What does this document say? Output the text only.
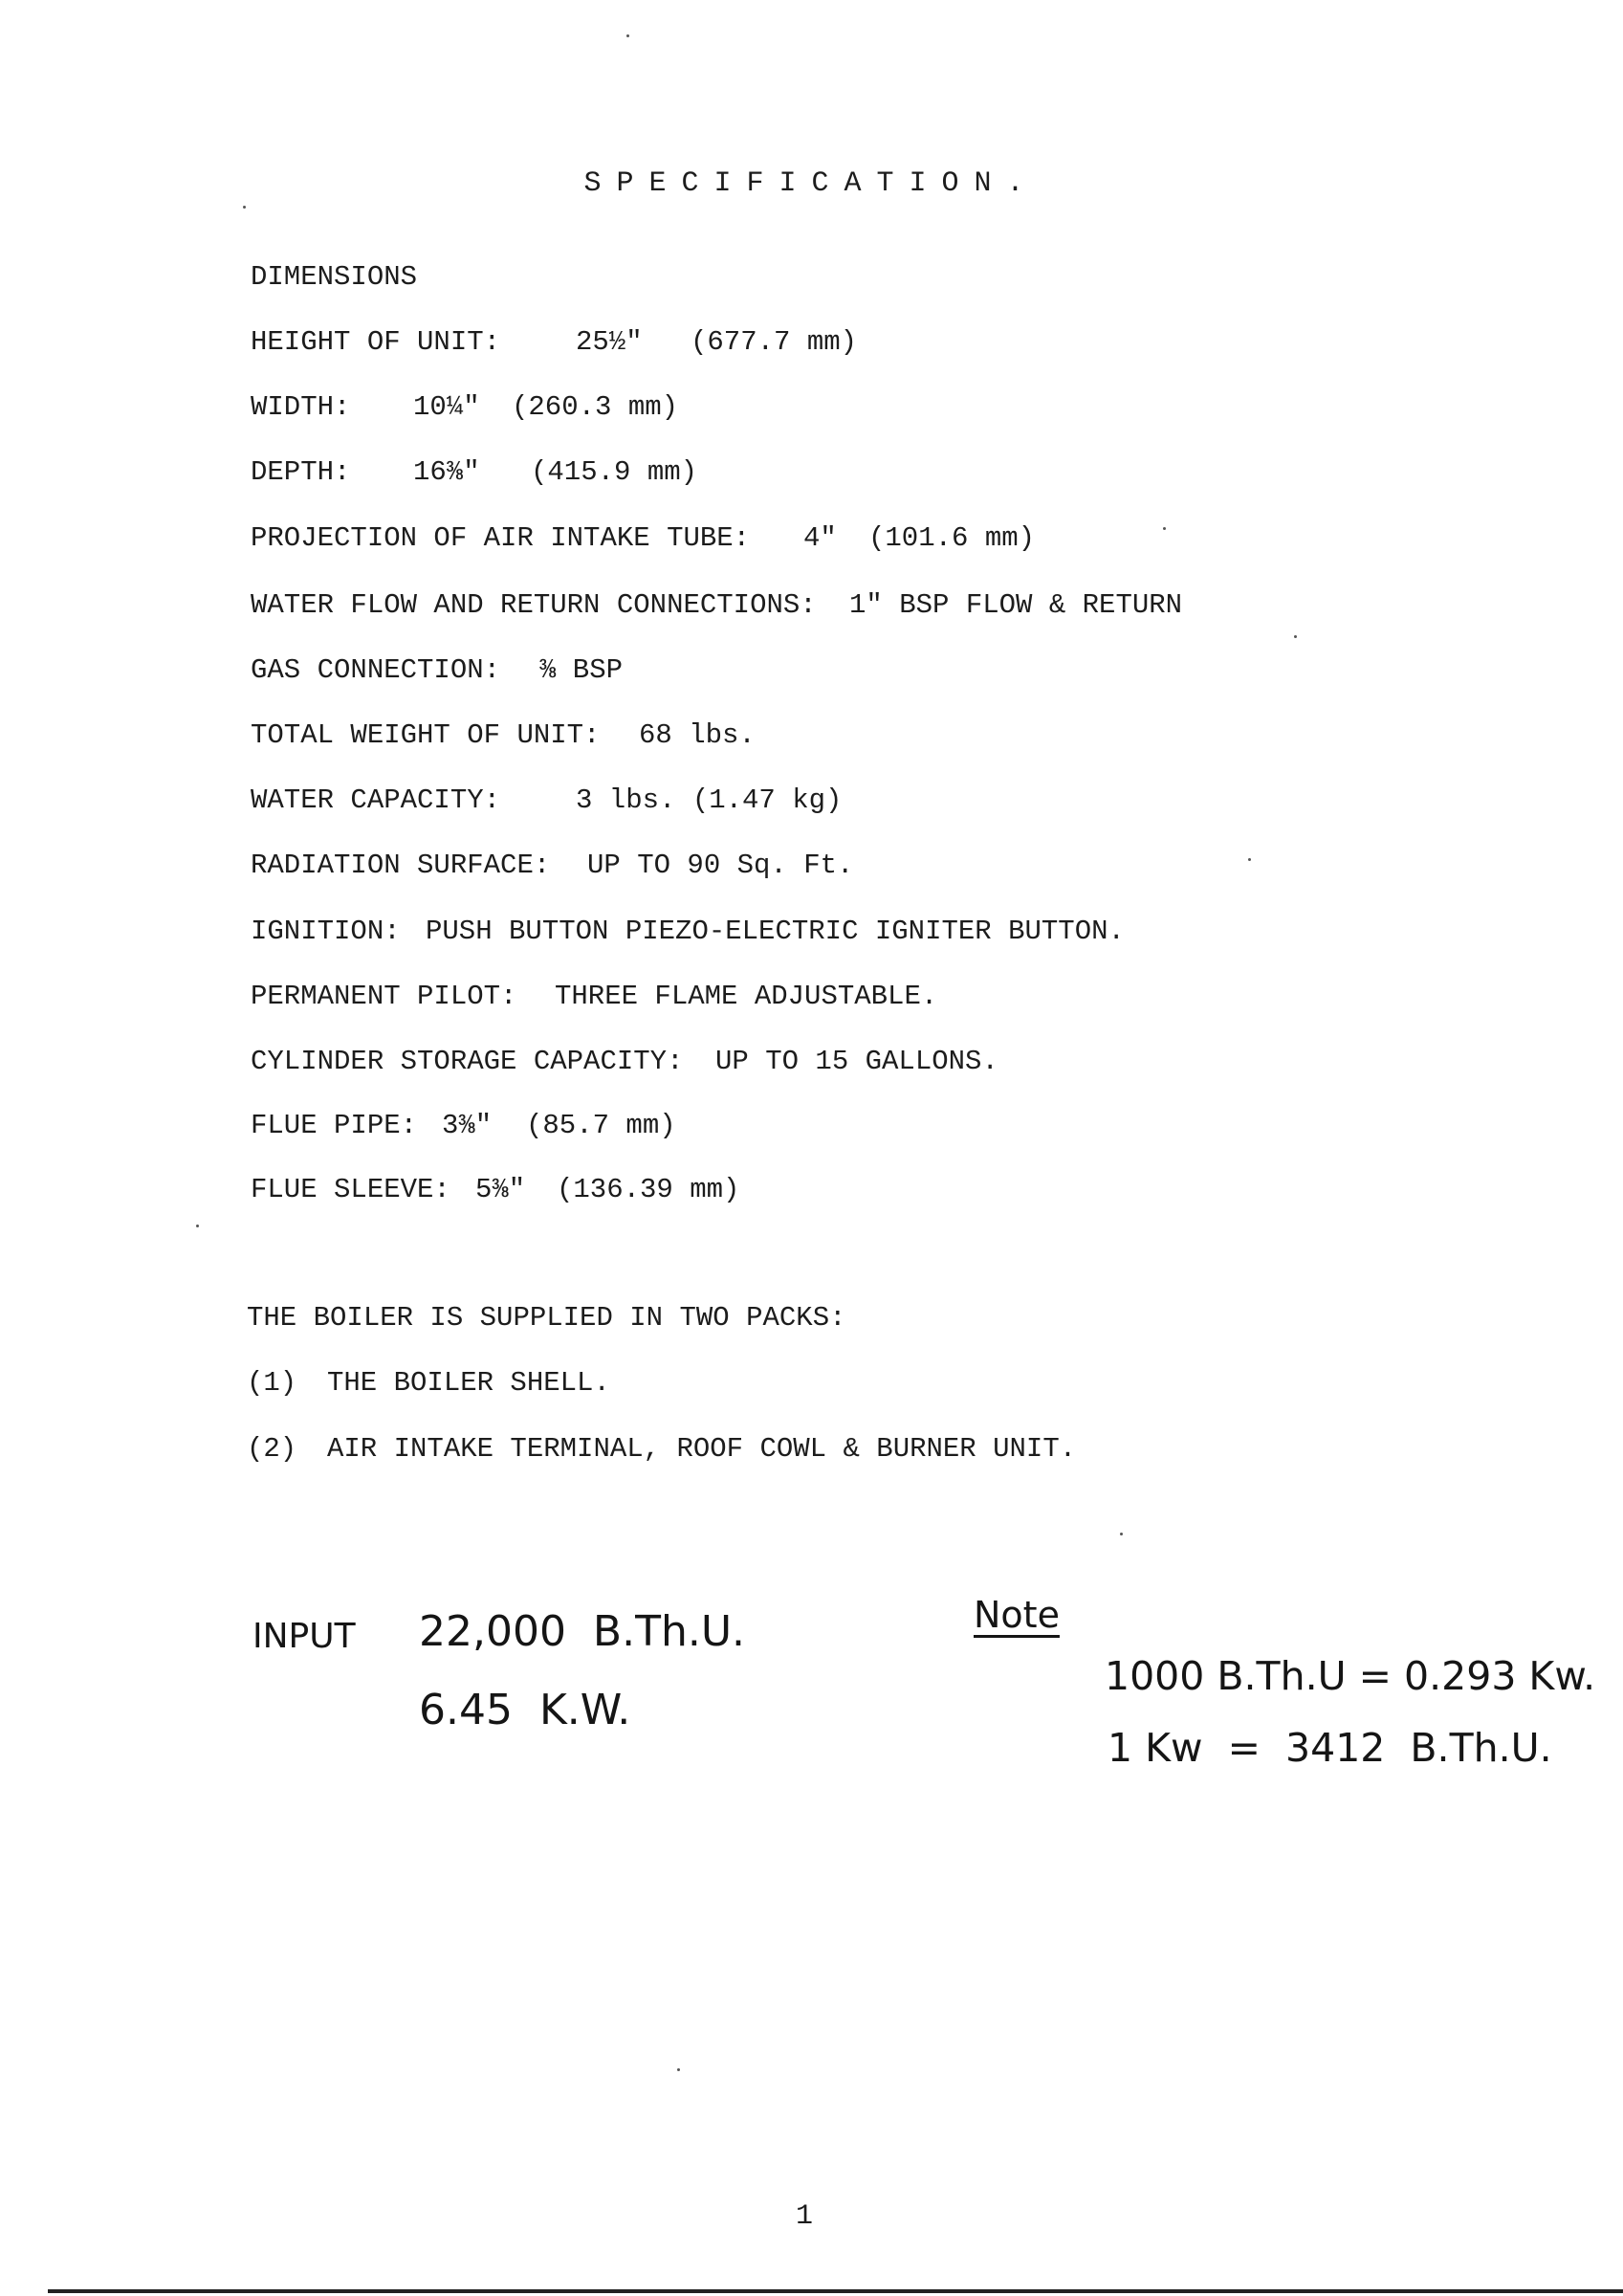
SPECIFICATION.
DIMENSIONS
HEIGHT OF UNIT:	25½" (677.7 mm)
WIDTH: 10¼" (260.3 mm)
DEPTH: 16⅜" (415.9 mm)
PROJECTION OF AIR INTAKE TUBE: 4" (101.6 mm)
WATER FLOW AND RETURN CONNECTIONS: 1" BSP FLOW & RETURN
GAS CONNECTION: ⅜ BSP
TOTAL WEIGHT OF UNIT: 68 lbs.
WATER CAPACITY:	3 lbs. (1.47 kg)
RADIATION SURFACE: UP TO 90 Sq. Ft.
IGNITION: PUSH BUTTON PIEZO-ELECTRIC IGNITER BUTTON.
PERMANENT PILOT: THREE FLAME ADJUSTABLE.
CYLINDER STORAGE CAPACITY: UP TO 15 GALLONS.
FLUE PIPE: 3⅜" (85.7 mm)
FLUE SLEEVE: 5⅜" (136.39 mm)
THE BOILER IS SUPPLIED IN TWO PACKS:
(1) THE BOILER SHELL.
(2) AIR INTAKE TERMINAL, ROOF COWL & BURNER UNIT.
INPUT 22,000  B.Th.U.
6.45  K.W.
Note
1000 B.Th.U = 0.293 Kw.
1 Kw  =  3412  B.Th.U.
1
